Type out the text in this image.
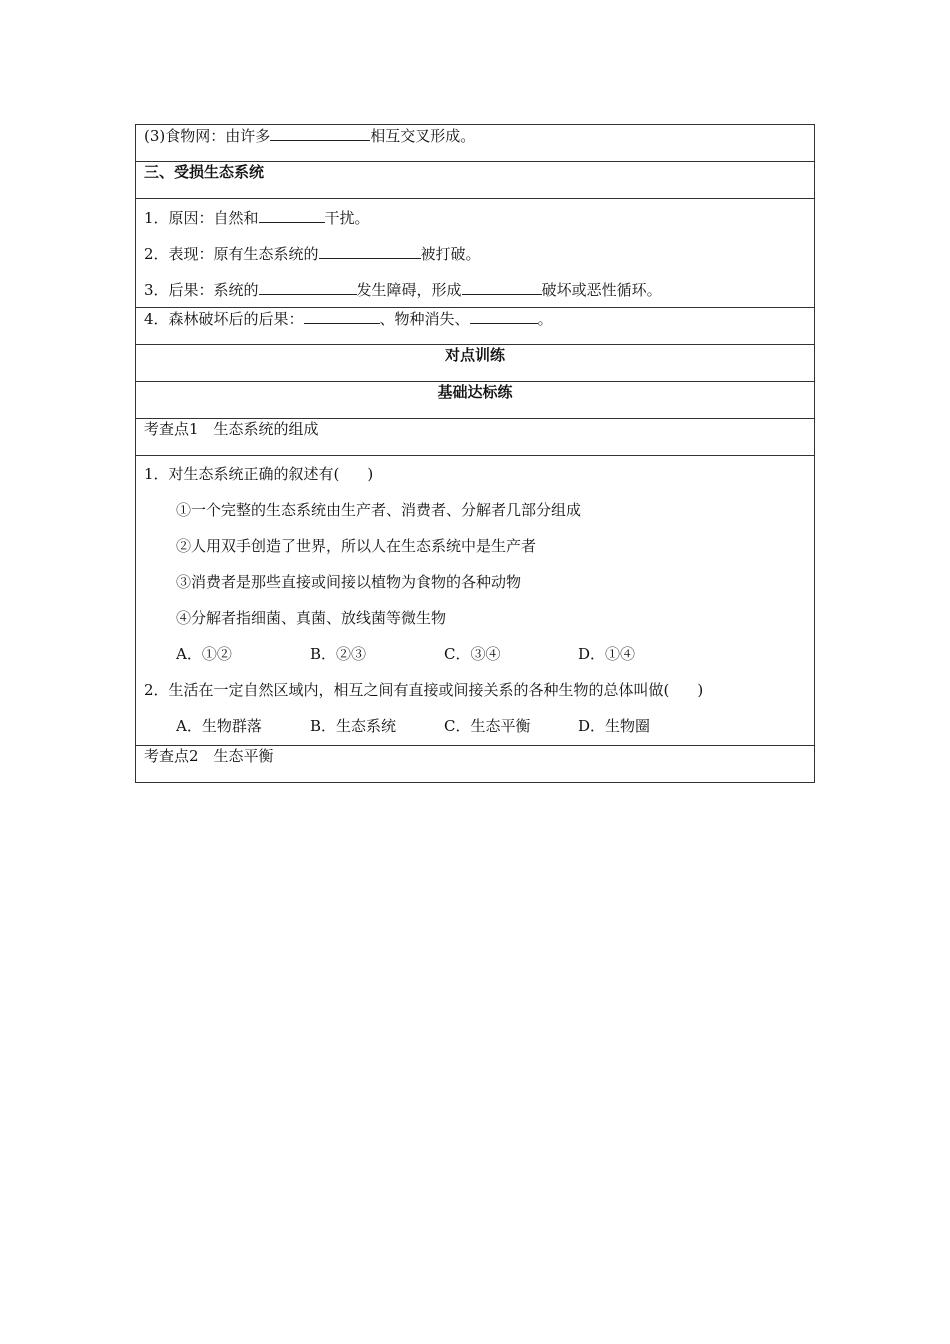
(3)食物网：由许多	相互交叉形成。
三、受损生态系统

1．原因：自然和	干扰。
2．表现：原有生态系统的	被打破。
3．后果：系统的	发生障碍，形成	破坏或恶性循环。

4．森林破坏后的后果：	、物种消失、	。
对点训练
基础达标练
考查点1　生态系统的组成

1．对生态系统正确的叙述有( )
①一个完整的生态系统由生产者、消费者、分解者几部分组成
②人用双手创造了世界，所以人在生态系统中是生产者
③消费者是那些直接或间接以植物为食物的各种动物
④分解者指细菌、真菌、放线菌等微生物
A．①②	B．②③	C．③④	D．①④
2．生活在一定自然区域内，相互之间有直接或间接关系的各种生物的总体叫做( )
A．生物群落	B．生态系统	C．生态平衡	D．生物圈

考查点2　生态平衡
